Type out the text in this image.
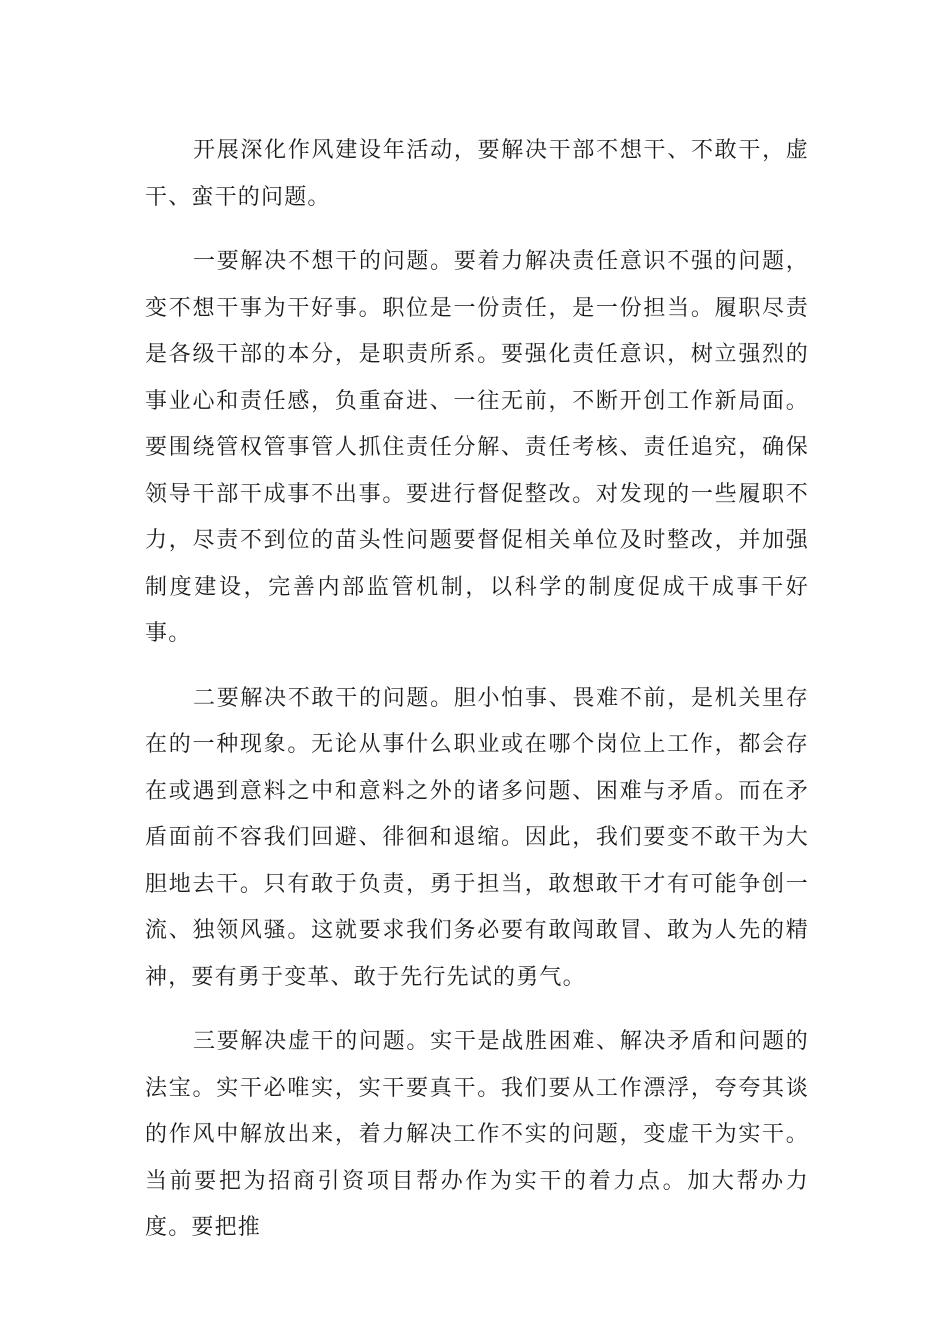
开展深化作风建设年活动，要解决干部不想干、不敢干，虚干、蛮干的问题。

一要解决不想干的问题。要着力解决责任意识不强的问题，变不想干事为干好事。职位是一份责任，是一份担当。履职尽责是各级干部的本分，是职责所系。要强化责任意识，树立强烈的事业心和责任感，负重奋进、一往无前，不断开创工作新局面。要围绕管权管事管人抓住责任分解、责任考核、责任追究，确保领导干部干成事不出事。要进行督促整改。对发现的一些履职不力，尽责不到位的苗头性问题要督促相关单位及时整改，并加强制度建设，完善内部监管机制，以科学的制度促成干成事干好事。

二要解决不敢干的问题。胆小怕事、畏难不前，是机关里存在的一种现象。无论从事什么职业或在哪个岗位上工作，都会存在或遇到意料之中和意料之外的诸多问题、困难与矛盾。而在矛盾面前不容我们回避、徘徊和退缩。因此，我们要变不敢干为大胆地去干。只有敢于负责，勇于担当，敢想敢干才有可能争创一流、独领风骚。这就要求我们务必要有敢闯敢冒、敢为人先的精神，要有勇于变革、敢于先行先试的勇气。

三要解决虚干的问题。实干是战胜困难、解决矛盾和问题的法宝。实干必唯实，实干要真干。我们要从工作漂浮，夸夸其谈的作风中解放出来，着力解决工作不实的问题，变虚干为实干。当前要把为招商引资项目帮办作为实干的着力点。加大帮办力度。要把推
